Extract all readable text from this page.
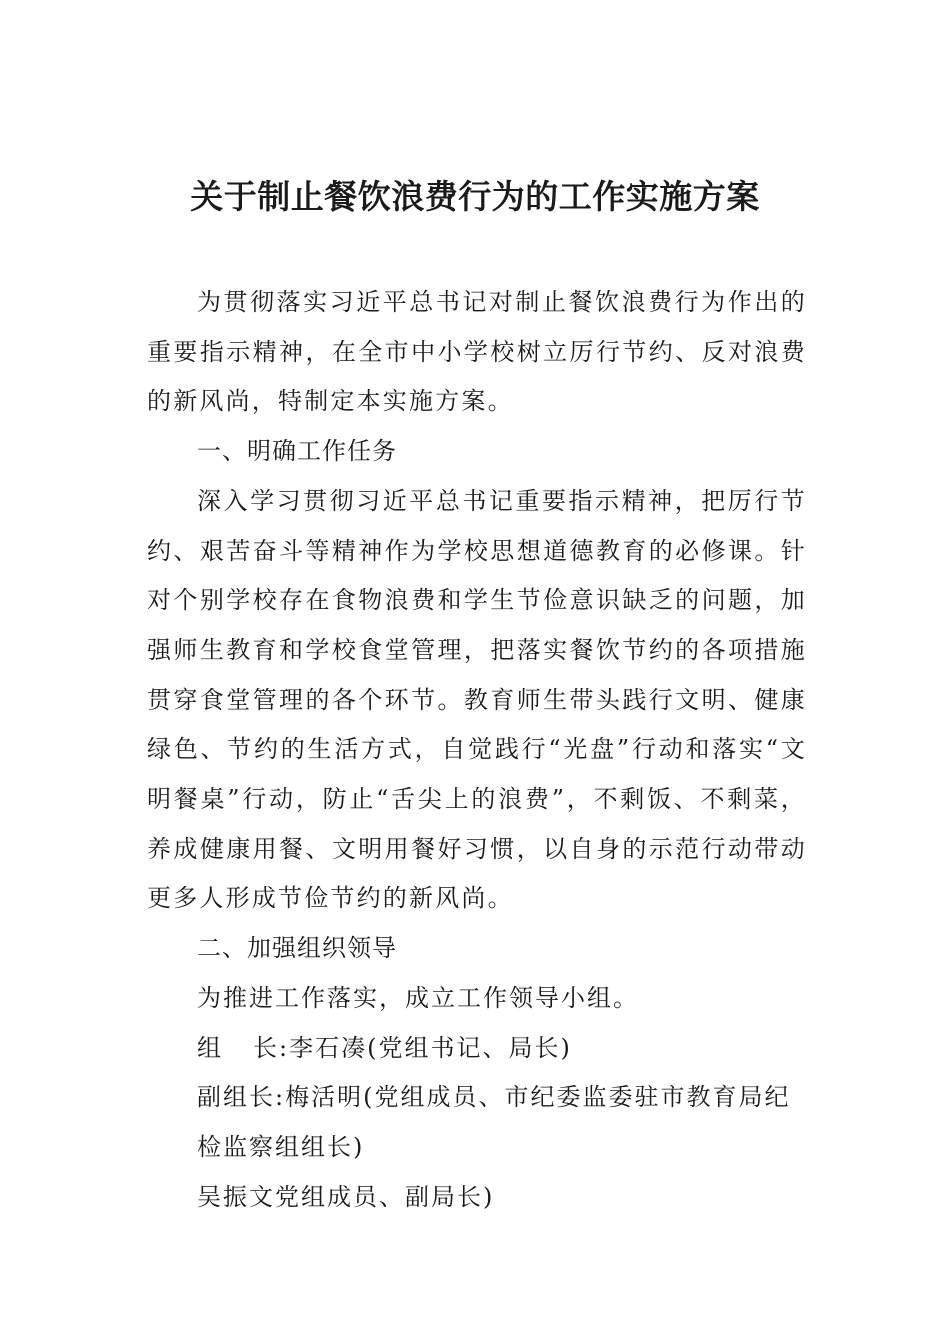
关于制止餐饮浪费行为的工作实施方案

为贯彻落实习近平总书记对制止餐饮浪费行为作出的重要指示精神，在全市中小学校树立厉行节约、反对浪费的新风尚，特制定本实施方案。

一、明确工作任务

深入学习贯彻习近平总书记重要指示精神，把厉行节约、艰苦奋斗等精神作为学校思想道德教育的必修课。针对个别学校存在食物浪费和学生节俭意识缺乏的问题，加强师生教育和学校食堂管理，把落实餐饮节约的各项措施贯穿食堂管理的各个环节。教育师生带头践行文明、健康绿色、节约的生活方式，自觉践行“光盘”行动和落实“文明餐桌”行动，防止“舌尖上的浪费”，不剩饭、不剩菜，养成健康用餐、文明用餐好习惯，以自身的示范行动带动更多人形成节俭节约的新风尚。

二、加强组织领导

为推进工作落实，成立工作领导小组。

组 长:李石凑(党组书记、局长)

副组长:梅活明(党组成员、市纪委监委驻市教育局纪检监察组组长)

吴振文党组成员、副局长)
